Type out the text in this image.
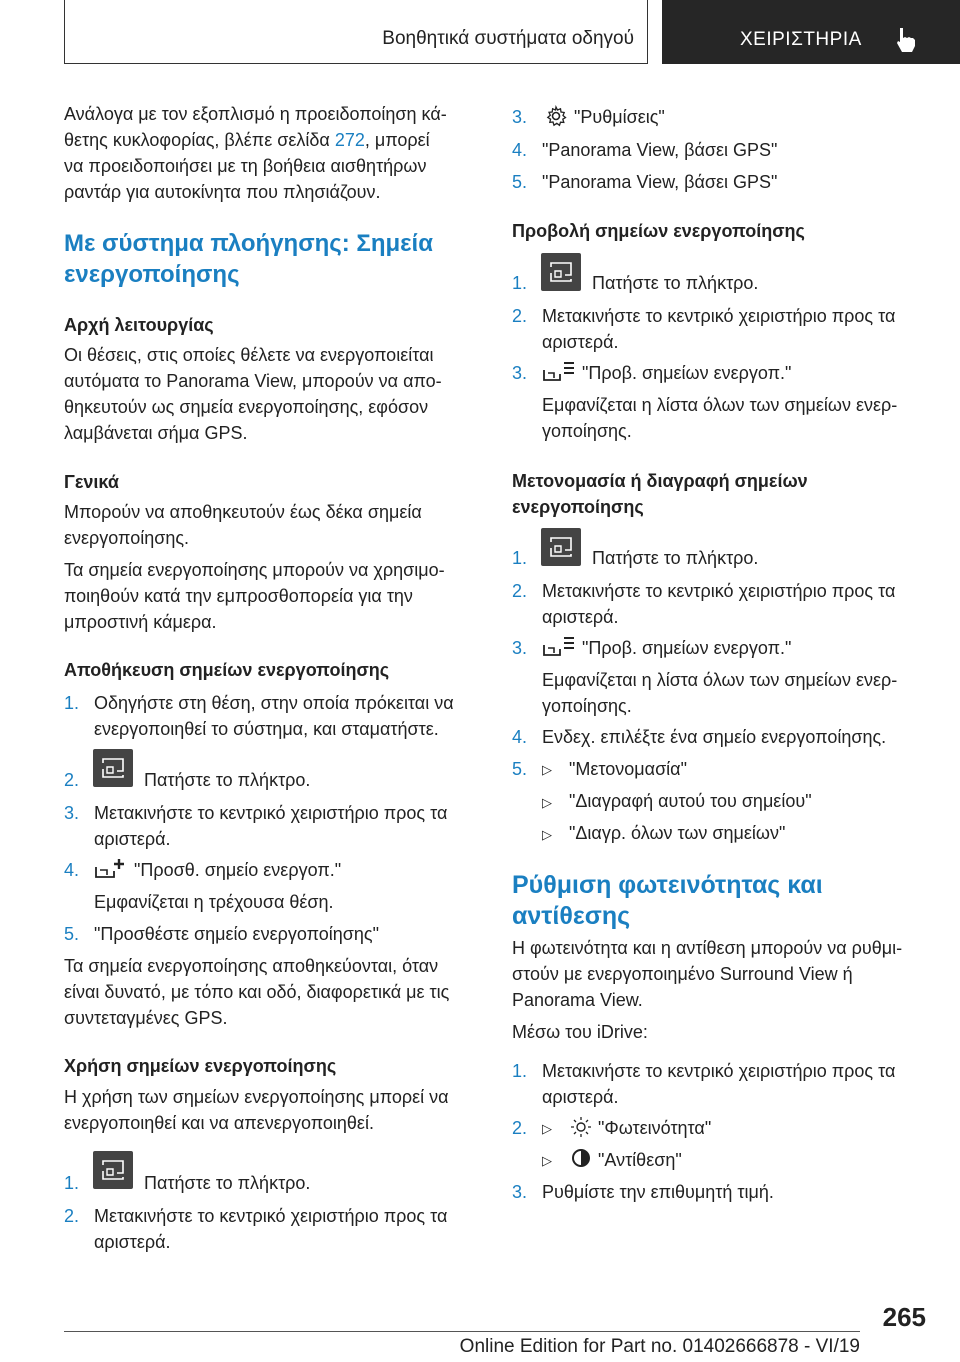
Βοηθητικά συστήματα οδηγού	ΧΕΙΡΙΣΤΗΡΙΑ

Ανάλογα με τον εξοπλισμό η προειδοποίηση κά-

θετης κυκλοφορίας, βλέπε σελίδα 272, μπορεί

να προειδοποιήσει με τη βοήθεια αισθητήρων

ραντάρ για αυτοκίνητα που πλησιάζουν.

Με σύστημα πλοήγησης: Σημεία

ενεργοποίησης

Αρχή λειτουργίας

Οι θέσεις, στις οποίες θέλετε να ενεργοποιείται

αυτόματα το Panorama View, μπορούν να απο-

θηκευτούν ως σημεία ενεργοποίησης, εφόσον

λαμβάνεται σήμα GPS.

Γενικά

Μπορούν να αποθηκευτούν έως δέκα σημεία

ενεργοποίησης.

Τα σημεία ενεργοποίησης μπορούν να χρησιμο-

ποιηθούν κατά την εμπροσθοπορεία για την

μπροστινή κάμερα.

Αποθήκευση σημείων ενεργοποίησης

1. Οδηγήστε στη θέση, στην οποία πρόκειται να

ενεργοποιηθεί το σύστημα, και σταματήστε.

2.	Πατήστε το πλήκτρο.

3. Μετακινήστε το κεντρικό χειριστήριο προς τα

αριστερά.

4.	"Προσθ. σημείο ενεργοπ."

Εμφανίζεται η τρέχουσα θέση.

5. "Προσθέστε σημείο ενεργοποίησης"

Τα σημεία ενεργοποίησης αποθηκεύονται, όταν

είναι δυνατό, με τόπο και οδό, διαφορετικά με τις

συντεταγμένες GPS.

Χρήση σημείων ενεργοποίησης

Η χρήση των σημείων ενεργοποίησης μπορεί να

ενεργοποιηθεί και να απενεργοποιηθεί.

1.	Πατήστε το πλήκτρο.

2. Μετακινήστε το κεντρικό χειριστήριο προς τα

αριστερά.

3.	"Ρυθμίσεις"

4. "Panorama View, βάσει GPS"

5. "Panorama View, βάσει GPS"

Προβολή σημείων ενεργοποίησης

1.	Πατήστε το πλήκτρο.

2. Μετακινήστε το κεντρικό χειριστήριο προς τα

αριστερά.

3.	"Προβ. σημείων ενεργοπ."

Εμφανίζεται η λίστα όλων των σημείων ενερ-

γοποίησης.

Μετονομασία ή διαγραφή σημείων

ενεργοποίησης

1.	Πατήστε το πλήκτρο.

2. Μετακινήστε το κεντρικό χειριστήριο προς τα

αριστερά.

3.	"Προβ. σημείων ενεργοπ."

Εμφανίζεται η λίστα όλων των σημείων ενερ-

γοποίησης.

4. Ενδεχ. επιλέξτε ένα σημείο ενεργοποίησης.

5. ▷ "Μετονομασία"

▷ "Διαγραφή αυτού του σημείου"

▷ "Διαγρ. όλων των σημείων"

Ρύθμιση φωτεινότητας και

αντίθεσης

Η φωτεινότητα και η αντίθεση μπορούν να ρυθμι-

στούν με ενεργοποιημένο Surround View ή

Panorama View.

Μέσω του iDrive:

1. Μετακινήστε το κεντρικό χειριστήριο προς τα

αριστερά.

2. ▷	"Φωτεινότητα"

▷	"Αντίθεση"

3. Ρυθμίστε την επιθυμητή τιμή.

265
Online Edition for Part no. 01402666878 - VI/19
